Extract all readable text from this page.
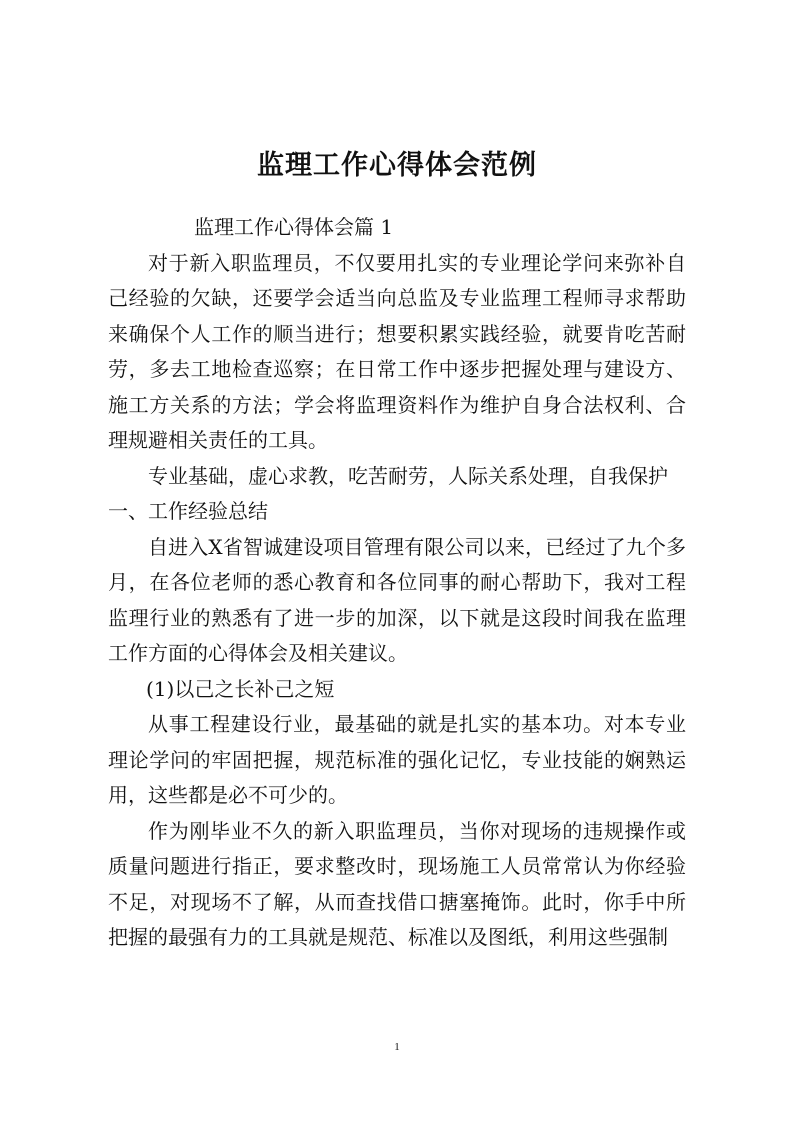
监理工作心得体会范例

监理工作心得体会篇 1

对于新入职监理员，不仅要用扎实的专业理论学问来弥补自己经验的欠缺，还要学会适当向总监及专业监理工程师寻求帮助来确保个人工作的顺当进行；想要积累实践经验，就要肯吃苦耐劳，多去工地检查巡察；在日常工作中逐步把握处理与建设方、施工方关系的方法；学会将监理资料作为维护自身合法权利、合理规避相关责任的工具。

专业基础，虚心求教，吃苦耐劳，人际关系处理，自我保护

一、工作经验总结

自进入X省智诚建设项目管理有限公司以来，已经过了九个多月，在各位老师的悉心教育和各位同事的耐心帮助下，我对工程监理行业的熟悉有了进一步的加深，以下就是这段时间我在监理工作方面的心得体会及相关建议。

(1)以己之长补己之短

从事工程建设行业，最基础的就是扎实的基本功。对本专业理论学问的牢固把握，规范标准的强化记忆，专业技能的娴熟运用，这些都是必不可少的。

作为刚毕业不久的新入职监理员，当你对现场的违规操作或质量问题进行指正，要求整改时，现场施工人员常常认为你经验不足，对现场不了解，从而查找借口搪塞掩饰。此时，你手中所把握的最强有力的工具就是规范、标准以及图纸，利用这些强制

1
